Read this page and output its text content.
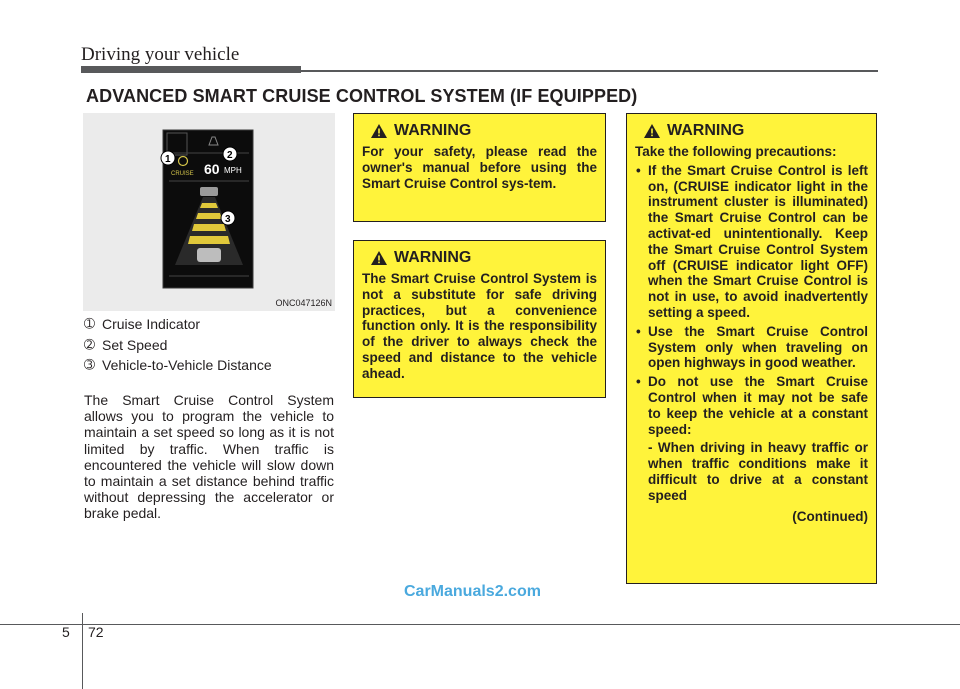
Driving your vehicle
ADVANCED SMART CRUISE CONTROL SYSTEM (IF EQUIPPED)
CRUISE 60 MPH
1	2
3
ONC047126N
➀ Cruise Indicator
➁ Set Speed
➂ Vehicle-to-Vehicle Distance
The Smart Cruise Control System allows you to program the vehicle to maintain a set speed so long as it is not limited by traffic. When traffic is encountered the vehicle will slow down to maintain a set distance behind traffic without depressing the accelerator or brake pedal.
WARNING
For your safety, please read the owner's manual before using the Smart Cruise Control sys-tem.
WARNING
The Smart Cruise Control System is not a substitute for safe driving practices, but a convenience function only. It is the responsibility of the driver to always check the speed and distance to the vehicle ahead.
WARNING
Take the following precautions:
• If the Smart Cruise Control is left on, (CRUISE indicator light in the instrument cluster is illuminated) the Smart Cruise Control can be activat-ed unintentionally. Keep the Smart Cruise Control System off (CRUISE indicator light OFF) when the Smart Cruise Control is not in use, to avoid inadvertently setting a speed.
• Use the Smart Cruise Control System only when traveling on open highways in good weather.
• Do not use the Smart Cruise Control when it may not be safe to keep the vehicle at a constant speed:
- When driving in heavy traffic or when traffic conditions make it difficult to drive at a constant speed
(Continued)
CarManuals2.com
5 72
